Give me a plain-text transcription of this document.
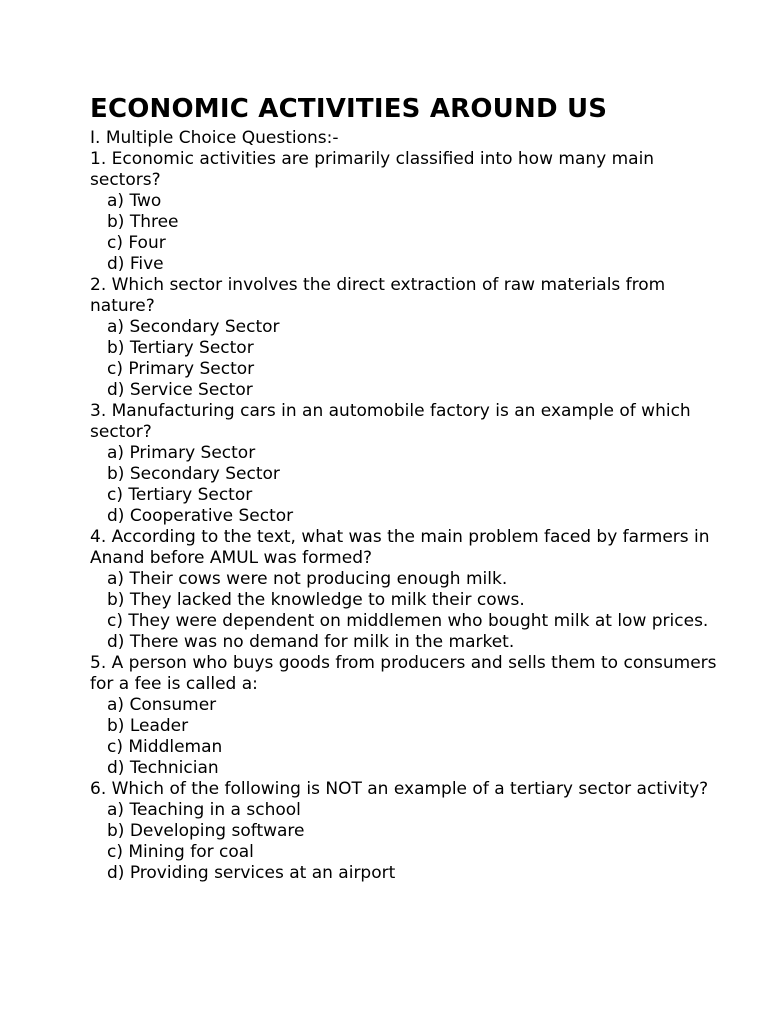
ECONOMIC ACTIVITIES AROUND US

I. Multiple Choice Questions:-

1. Economic activities are primarily classified into how many main sectors?

a) Two

b) Three

c) Four

d) Five

2. Which sector involves the direct extraction of raw materials from nature?

a) Secondary Sector

b) Tertiary Sector

c) Primary Sector

d) Service Sector

3. Manufacturing cars in an automobile factory is an example of which sector?

a) Primary Sector

b) Secondary Sector

c) Tertiary Sector

d) Cooperative Sector

4. According to the text, what was the main problem faced by farmers in Anand before AMUL was formed?

a) Their cows were not producing enough milk.

b) They lacked the knowledge to milk their cows.

c) They were dependent on middlemen who bought milk at low prices.

d) There was no demand for milk in the market.

5. A person who buys goods from producers and sells them to consumers for a fee is called a:

a) Consumer

b) Leader

c) Middleman

d) Technician

6. Which of the following is NOT an example of a tertiary sector activity?

a) Teaching in a school

b) Developing software

c) Mining for coal

d) Providing services at an airport
